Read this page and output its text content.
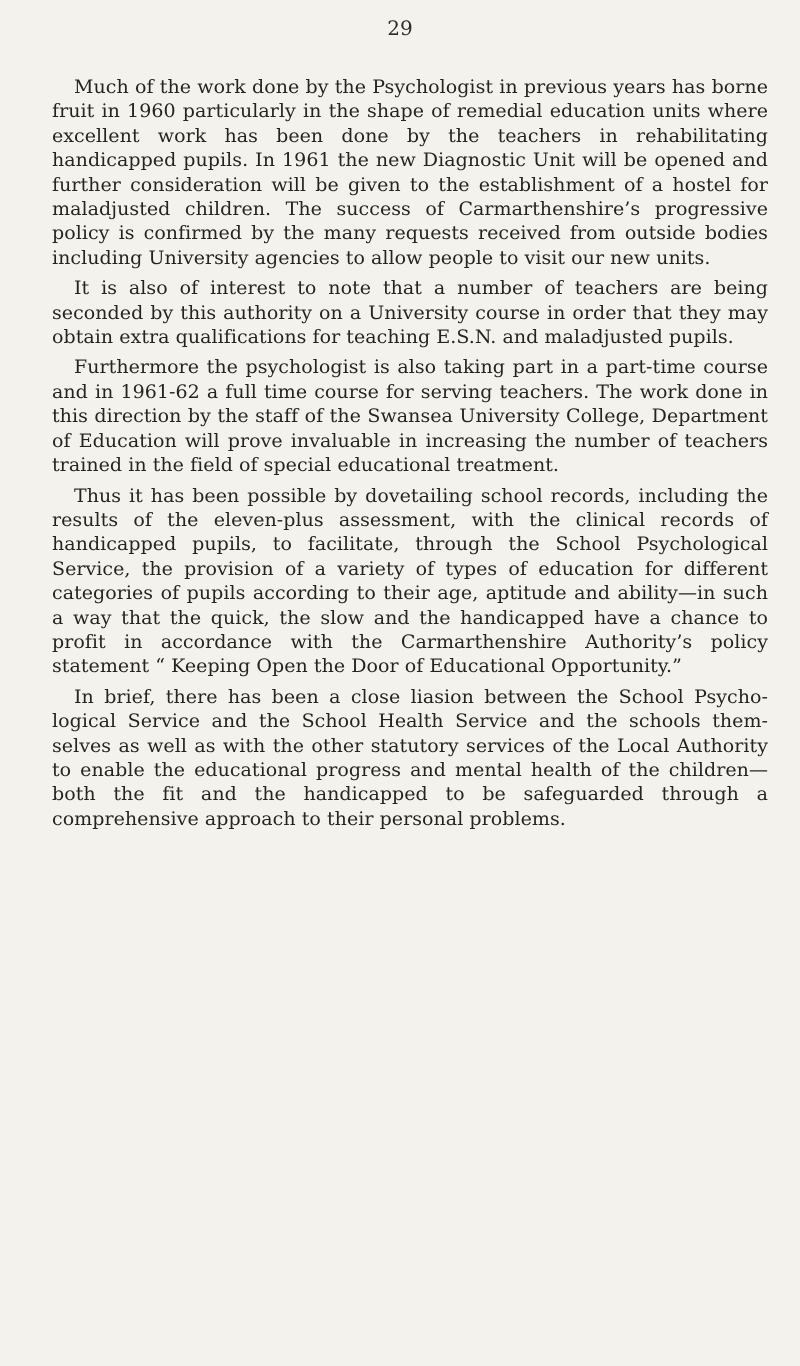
29

Much of the work done by the Psychologist in previous years has borne fruit in 1960 particularly in the shape of remedial education units where excellent work has been done by the teachers in rehabilitating handicapped pupils. In 1961 the new Diagnostic Unit will be opened and further consideration will be given to the establishment of a hostel for maladjusted children. The success of Carmarthenshire’s progressive policy is confirmed by the many requests received from outside bodies including University agencies to allow people to visit our new units.

It is also of interest to note that a number of teachers are being seconded by this authority on a University course in order that they may obtain extra qualifications for teaching E.S.N. and maladjusted pupils.

Furthermore the psychologist is also taking part in a part-time course and in 1961-62 a full time course for serving teachers. The work done in this direction by the staff of the Swansea University College, Department of Education will prove invaluable in increasing the number of teachers trained in the field of special educational treatment.

Thus it has been possible by dovetailing school records, including the results of the eleven-plus assessment, with the clinical records of handicapped pupils, to facilitate, through the School Psychological Service, the provision of a variety of types of education for different categories of pupils according to their age, aptitude and ability—in such a way that the quick, the slow and the handicapped have a chance to profit in accordance with the Carmarthenshire Authority’s policy statement “ Keeping Open the Door of Educational Opportunity.”

In brief, there has been a close liasion between the School Psycho-logical Service and the School Health Service and the schools them-selves as well as with the other statutory services of the Local Authority to enable the educational progress and mental health of the children—both the fit and the handicapped to be safeguarded through a comprehensive approach to their personal problems.
